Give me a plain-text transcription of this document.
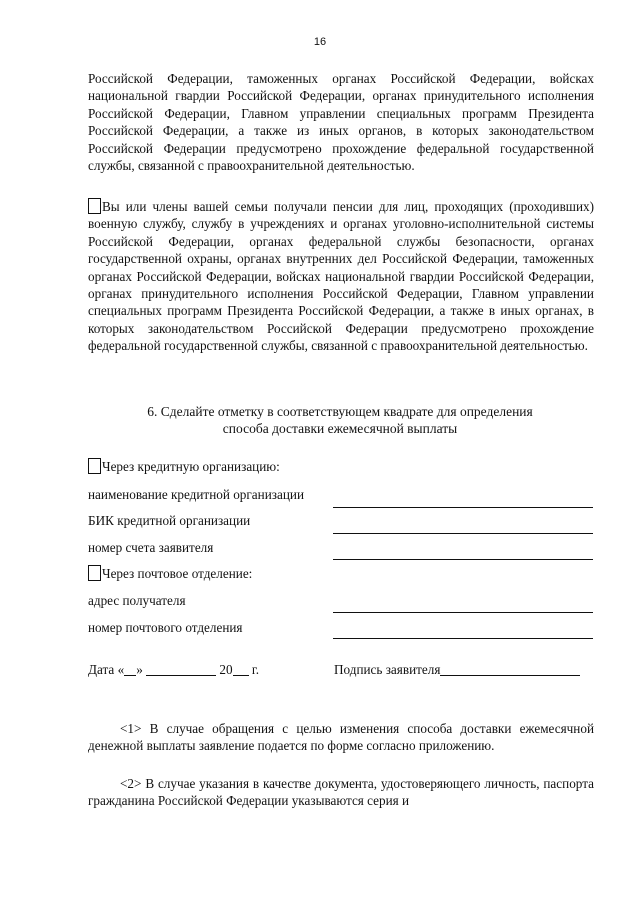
16

Российской Федерации, таможенных органах Российской Федерации, войсках национальной гвардии Российской Федерации, органах принудительного исполнения Российской Федерации, Главном управлении специальных программ Президента Российской Федерации, а также из иных органов, в которых законодательством Российской Федерации предусмотрено прохождение федеральной государственной службы, связанной с правоохранительной деятельностью.

Вы или члены вашей семьи получали пенсии для лиц, проходящих (проходивших) военную службу, службу в учреждениях и органах уголовно-исполнительной системы Российской Федерации, органах федеральной службы безопасности, органах государственной охраны, органах внутренних дел Российской Федерации, таможенных органах Российской Федерации, войсках национальной гвардии Российской Федерации, органах принудительного исполнения Российской Федерации, Главном управлении специальных программ Президента Российской Федерации, а также в иных органах, в которых законодательством Российской Федерации предусмотрено прохождение федеральной государственной службы, связанной с правоохранительной деятельностью.

6. Сделайте отметку в соответствующем квадрате для определения
способа доставки ежемесячной выплаты
Через кредитную организацию:
наименование кредитной организации
БИК кредитной организации
номер счета заявителя
Через почтовое отделение:
адрес получателя
номер почтового отделения
Дата « »	20 г.	Подпись заявителя

<1> В случае обращения с целью изменения способа доставки ежемесячной денежной выплаты заявление подается по форме согласно приложению.

<2> В случае указания в качестве документа, удостоверяющего личность, паспорта гражданина Российской Федерации указываются серия и
